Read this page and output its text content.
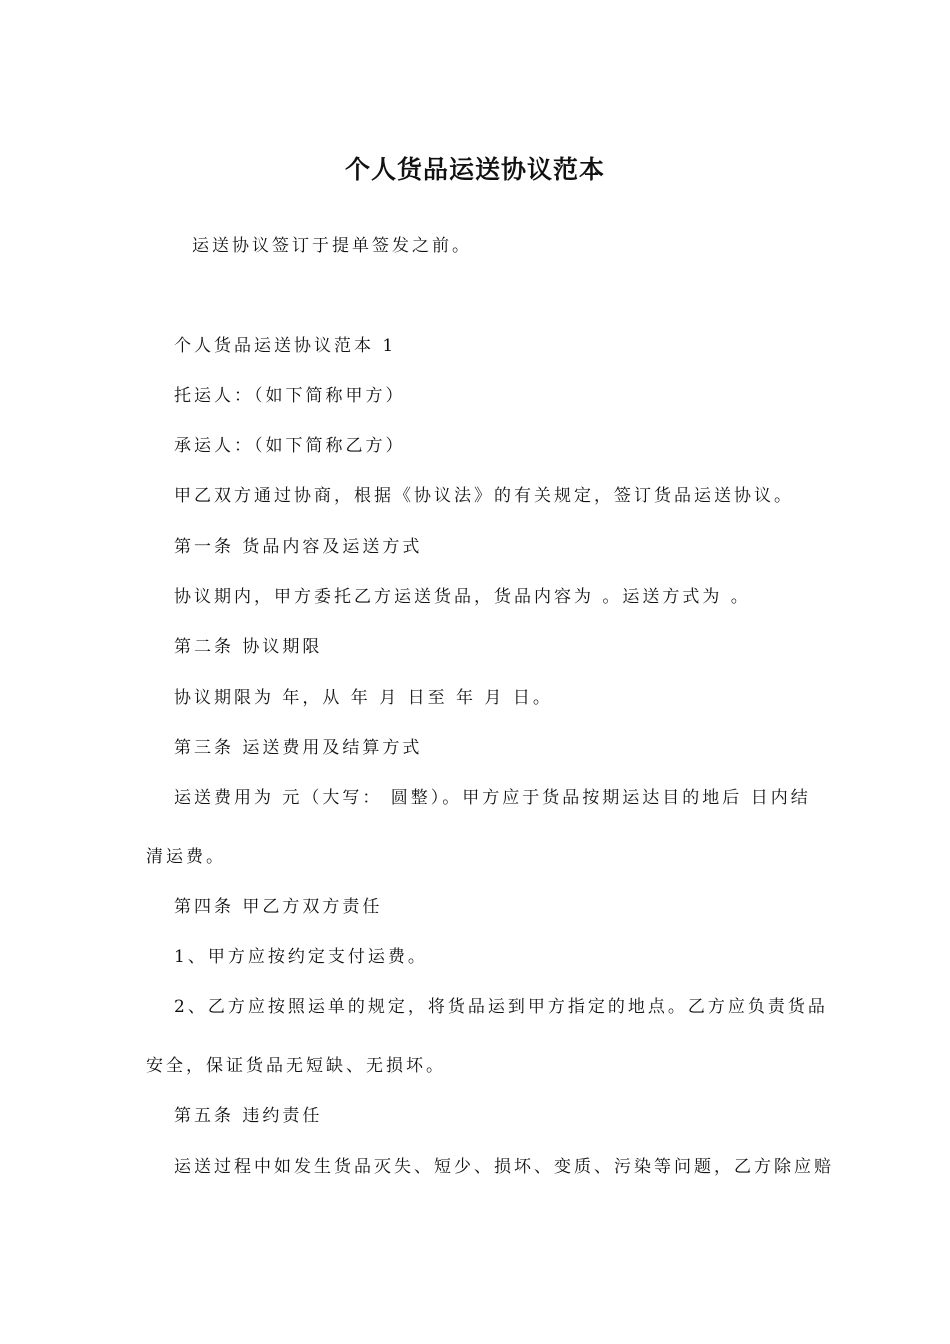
个人货品运送协议范本
运送协议签订于提单签发之前。
个人货品运送协议范本 1
托运人：（如下简称甲方）
承运人：（如下简称乙方）
甲乙双方通过协商，根据《协议法》的有关规定，签订货品运送协议。
第一条 货品内容及运送方式
协议期内，甲方委托乙方运送货品，货品内容为 。运送方式为 。
第二条 协议期限
协议期限为 年，从 年 月 日至 年 月 日。
第三条 运送费用及结算方式
运送费用为 元（大写： 圆整）。甲方应于货品按期运达目的地后 日内结
清运费。
第四条 甲乙方双方责任
1、甲方应按约定支付运费。
2、乙方应按照运单的规定，将货品运到甲方指定的地点。乙方应负责货品
安全，保证货品无短缺、无损坏。
第五条 违约责任
运送过程中如发生货品灭失、短少、损坏、变质、污染等问题，乙方除应赔
